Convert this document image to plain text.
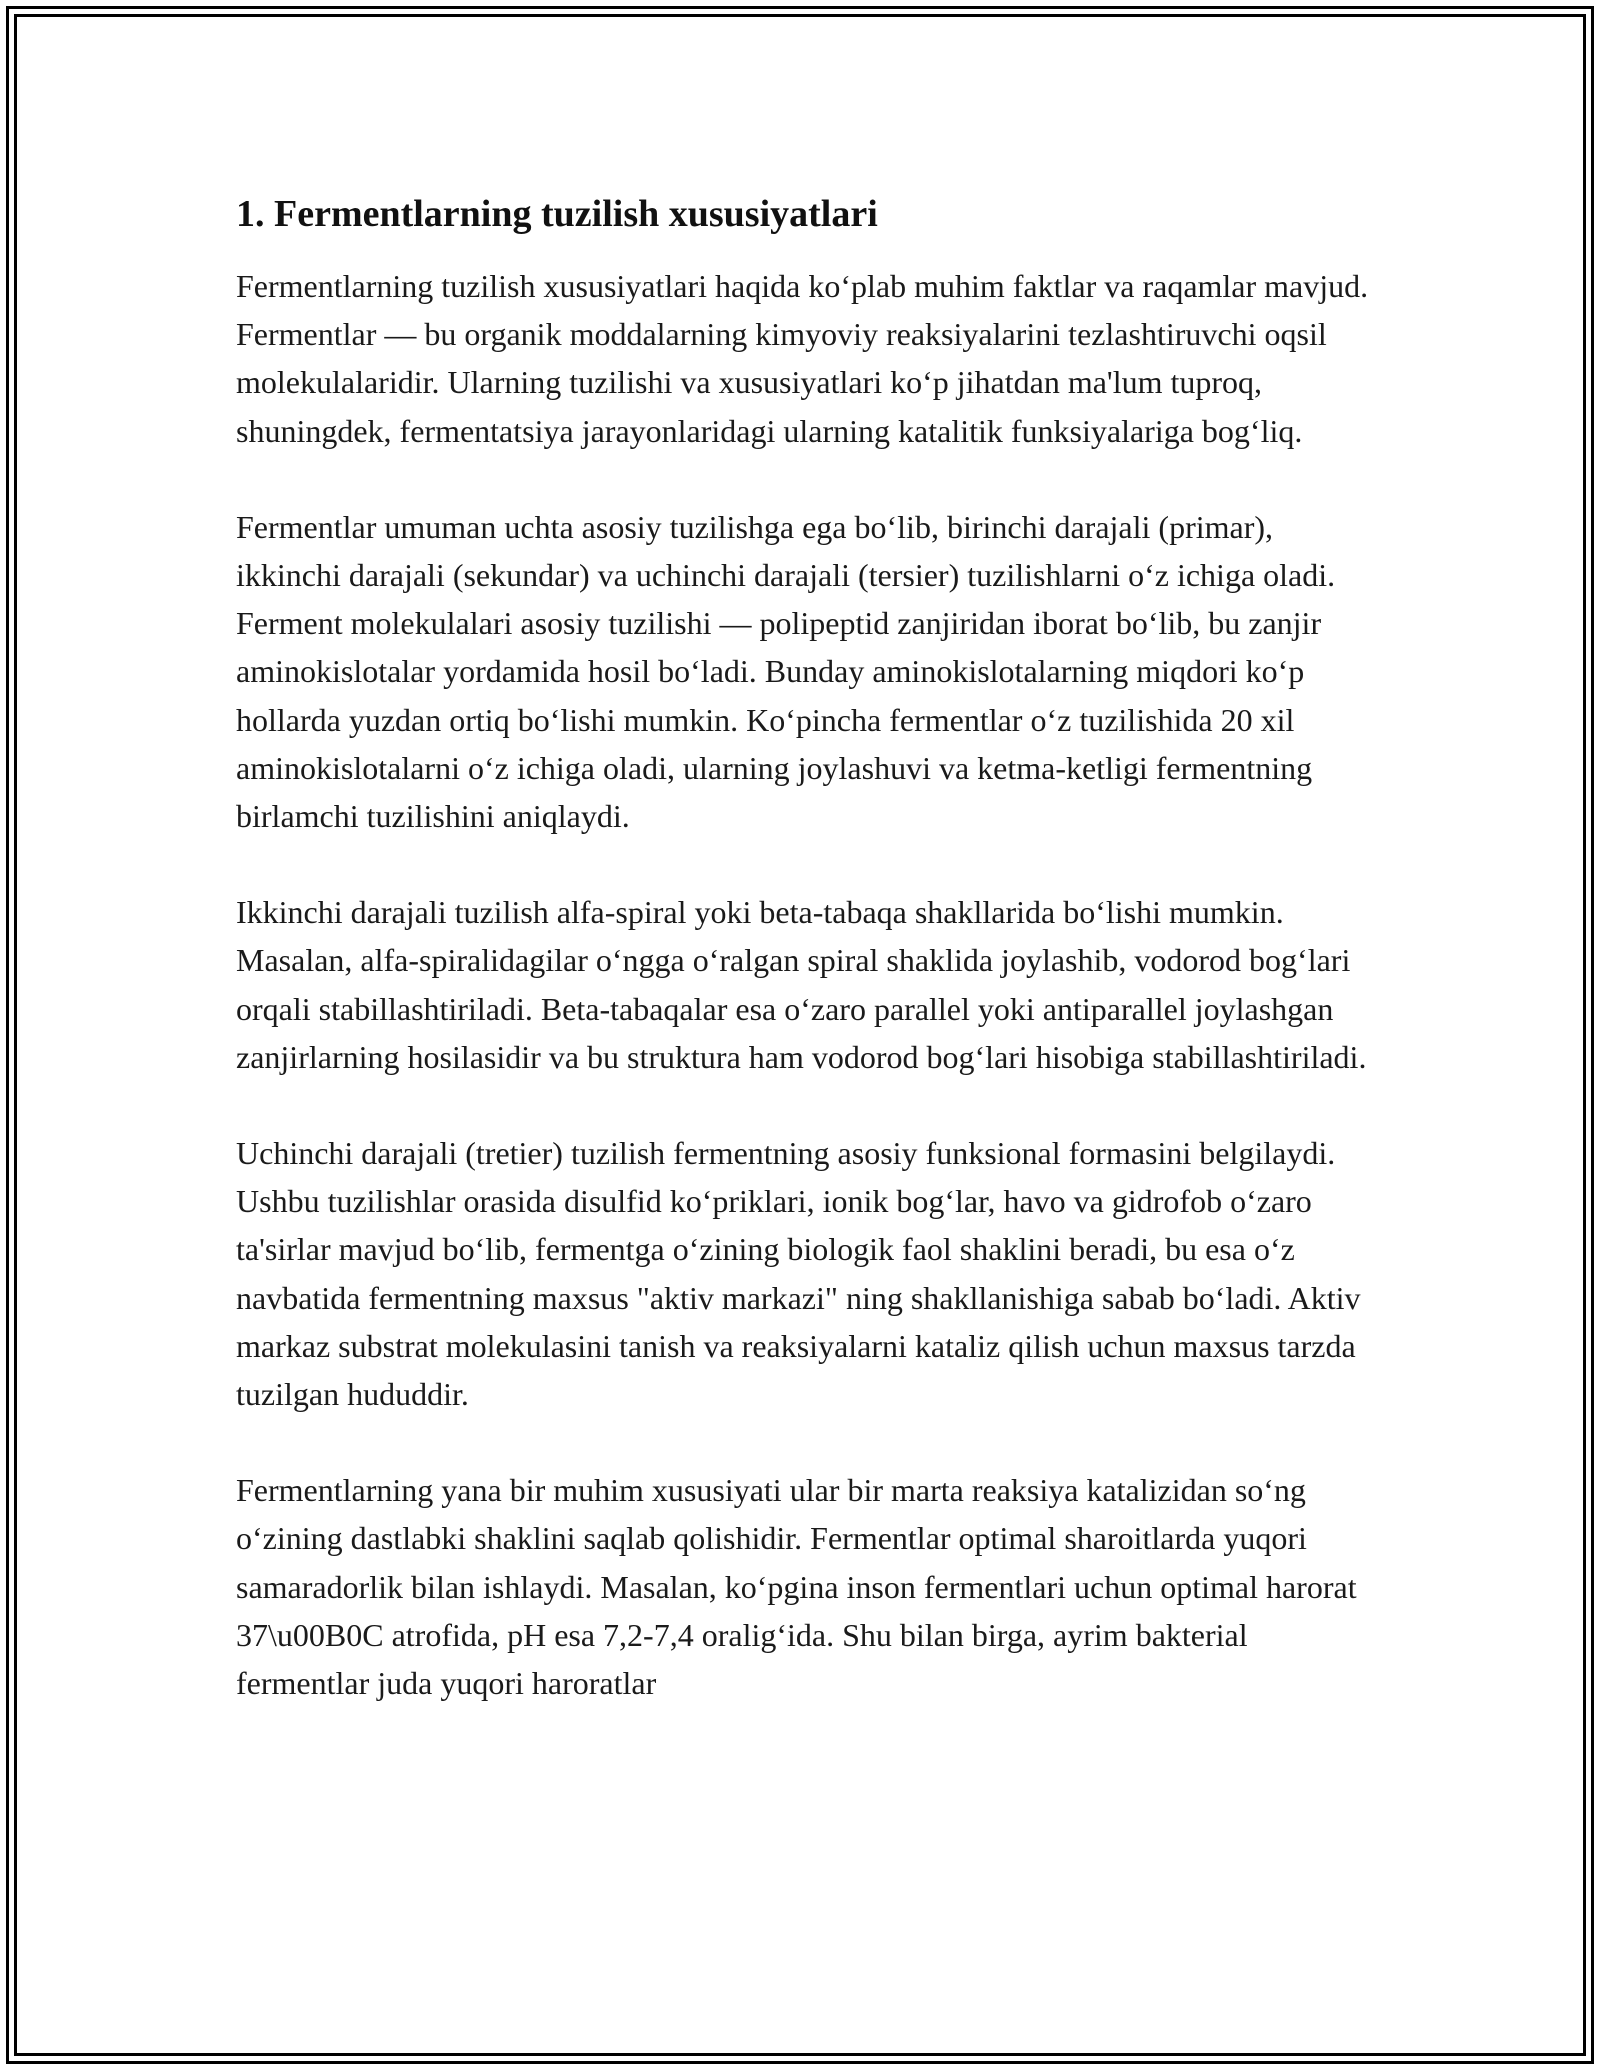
1. Fermentlarning tuzilish xususiyatlari

Fermentlarning tuzilish xususiyatlari haqida ko‘plab muhim faktlar va raqamlar mavjud. Fermentlar — bu organik moddalarning kimyoviy reaksiyalarini tezlashtiruvchi oqsil molekulalaridir. Ularning tuzilishi va xususiyatlari ko‘p jihatdan ma'lum tuproq, shuningdek, fermentatsiya jarayonlaridagi ularning katalitik funksiyalariga bog‘liq.

Fermentlar umuman uchta asosiy tuzilishga ega bo‘lib, birinchi darajali (primar), ikkinchi darajali (sekundar) va uchinchi darajali (tersier) tuzilishlarni o‘z ichiga oladi. Ferment molekulalari asosiy tuzilishi — polipeptid zanjiridan iborat bo‘lib, bu zanjir aminokislotalar yordamida hosil bo‘ladi. Bunday aminokislotalarning miqdori ko‘p hollarda yuzdan ortiq bo‘lishi mumkin. Ko‘pincha fermentlar o‘z tuzilishida 20 xil aminokislotalarni o‘z ichiga oladi, ularning joylashuvi va ketma-ketligi fermentning birlamchi tuzilishini aniqlaydi.

Ikkinchi darajali tuzilish alfa-spiral yoki beta-tabaqa shakllarida bo‘lishi mumkin. Masalan, alfa-spiralidagilar o‘ngga o‘ralgan spiral shaklida joylashib, vodorod bog‘lari orqali stabillashtiriladi. Beta-tabaqalar esa o‘zaro parallel yoki antiparallel joylashgan zanjirlarning hosilasidir va bu struktura ham vodorod bog‘lari hisobiga stabillashtiriladi.

Uchinchi darajali (tretier) tuzilish fermentning asosiy funksional formasini belgilaydi. Ushbu tuzilishlar orasida disulfid ko‘priklari, ionik bog‘lar, havo va gidrofob o‘zaro ta'sirlar mavjud bo‘lib, fermentga o‘zining biologik faol shaklini beradi, bu esa o‘z navbatida fermentning maxsus "aktiv markazi" ning shakllanishiga sabab bo‘ladi. Aktiv markaz substrat molekulasini tanish va reaksiyalarni kataliz qilish uchun maxsus tarzda tuzilgan hududdir.

Fermentlarning yana bir muhim xususiyati ular bir marta reaksiya katalizidan so‘ng o‘zining dastlabki shaklini saqlab qolishidir. Fermentlar optimal sharoitlarda yuqori samaradorlik bilan ishlaydi. Masalan, ko‘pgina inson fermentlari uchun optimal harorat 37\u00B0C atrofida, pH esa 7,2-7,4 oralig‘ida. Shu bilan birga, ayrim bakterial fermentlar juda yuqori haroratlar
